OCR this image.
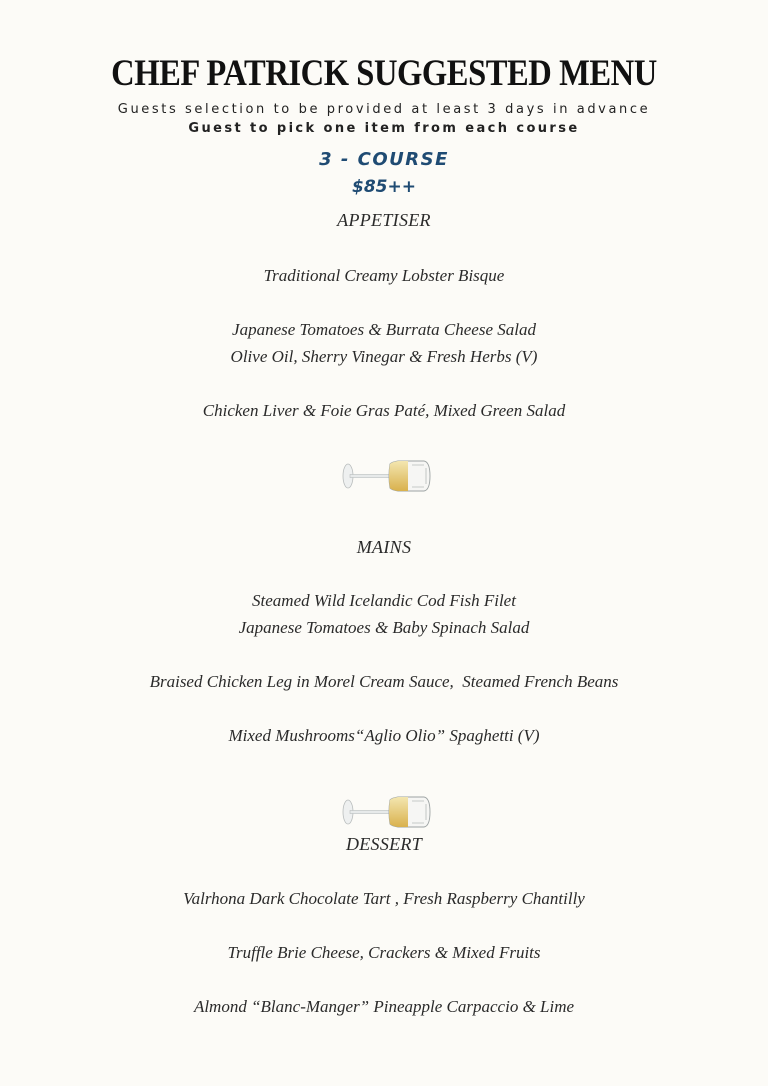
CHEF PATRICK SUGGESTED MENU
Guests selection to be provided at least 3 days in advance
Guest to pick one item from each course
3 - COURSE
$85++
APPETISER
Traditional Creamy Lobster Bisque
Japanese Tomatoes & Burrata Cheese Salad
Olive Oil, Sherry Vinegar & Fresh Herbs (V)
Chicken Liver & Foie Gras Paté, Mixed Green Salad
MAINS
Steamed Wild Icelandic Cod Fish Filet
Japanese Tomatoes & Baby Spinach Salad
Braised Chicken Leg in Morel Cream Sauce,  Steamed French Beans
Mixed Mushrooms“Aglio Olio” Spaghetti (V)
DESSERT
Valrhona Dark Chocolate Tart , Fresh Raspberry Chantilly
Truffle Brie Cheese, Crackers & Mixed Fruits
Almond “Blanc-Manger” Pineapple Carpaccio & Lime
